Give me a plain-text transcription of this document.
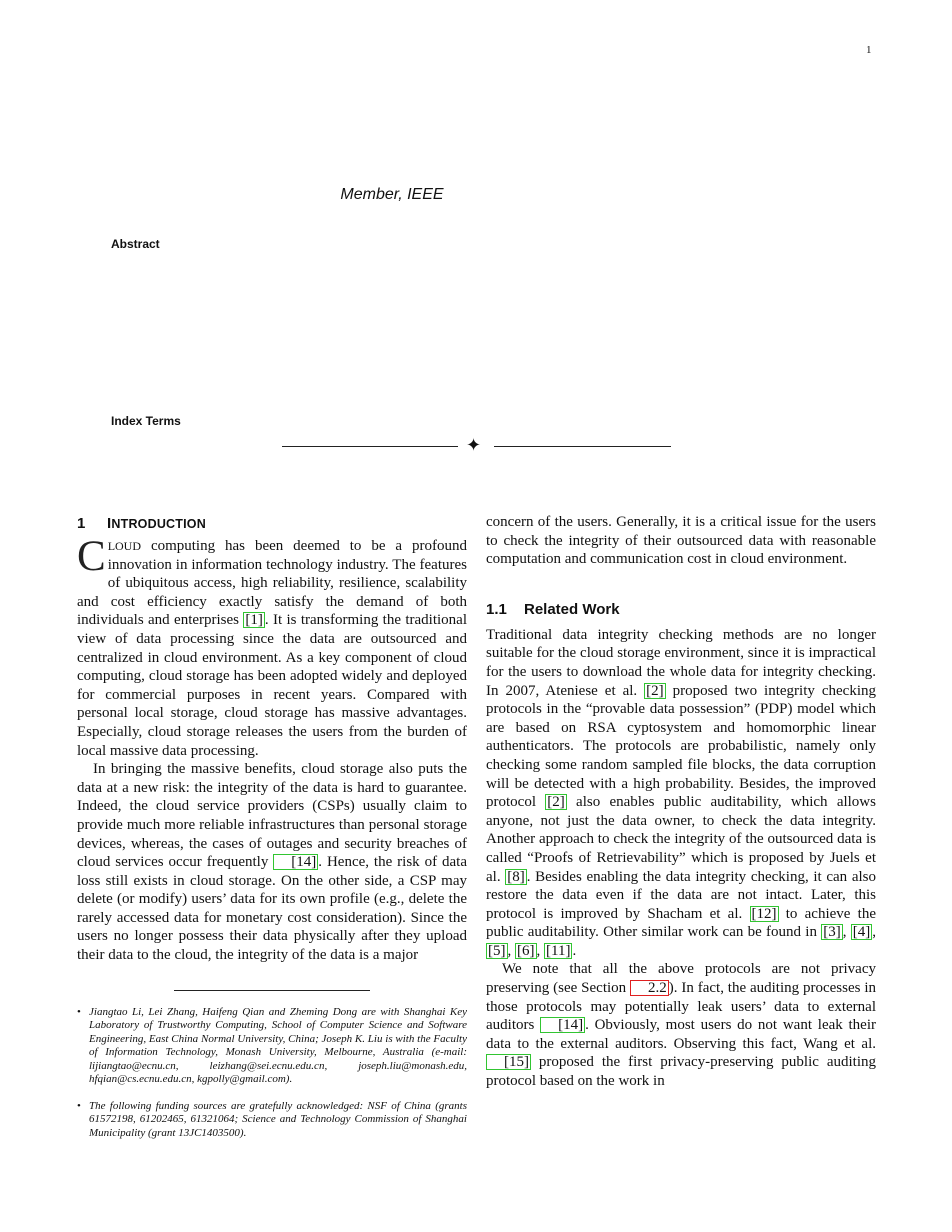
1
Member, IEEE
Abstract
Index Terms
✦
1 INTRODUCTION

CLOUD computing has been deemed to be a profound innovation in information technology industry. The features of ubiquitous access, high reliability, resilience, scalability and cost efficiency exactly satisfy the demand of both individuals and enterprises [1] . It is transforming the traditional view of data processing since the data are outsourced and centralized in cloud environment. As a key component of cloud computing, cloud storage has been adopted widely and deployed for commercial purposes in recent years. Compared with personal local storage, cloud storage has massive advantages. Especially, cloud storage releases the users from the burden of local massive data processing.

In bringing the massive benefits, cloud storage also puts the data at a new risk: the integrity of the data is hard to guarantee. Indeed, the cloud service providers (CSPs) usually claim to provide much more reliable infrastructures than personal storage devices, whereas, the cases of outages and security breaches of cloud services occur frequently [14] . Hence, the risk of data loss still exists in cloud storage. On the other side, a CSP may delete (or modify) users’ data for its own profile (e.g., delete the rarely accessed data for monetary cost consideration). Since the users no longer possess their data physically after they upload their data to the cloud, the integrity of the data is a major

• Jiangtao Li, Lei Zhang, Haifeng Qian and Zheming Dong are with Shanghai Key Laboratory of Trustworthy Computing, School of Computer Science and Software Engineering, East China Normal University, China; Joseph K. Liu is with the Faculty of Information Technology, Monash University, Melbourne, Australia (e-mail: lijiangtao@ecnu.cn, leizhang@sei.ecnu.edu.cn, joseph.liu@monash.edu, hfqian@cs.ecnu.edu.cn, kgpolly@gmail.com).
• The following funding sources are gratefully acknowledged: NSF of China (grants 61572198, 61202465, 61321064; Science and Technology Commission of Shanghai Municipality (grant 13JC1403500).

concern of the users. Generally, it is a critical issue for the users to check the integrity of their outsourced data with reasonable computation and communication cost in cloud environment.

1.1 Related Work

Traditional data integrity checking methods are no longer suitable for the cloud storage environment, since it is impractical for the users to download the whole data for integrity checking. In 2007, Ateniese et al. [2] proposed two integrity checking protocols in the “provable data possession” (PDP) model which are based on RSA cyptosystem and homomorphic linear authenticators. The protocols are probabilistic, namely only checking some random sampled file blocks, the data corruption will be detected with a high probability. Besides, the improved protocol [2] also enables public auditability, which allows anyone, not just the data owner, to check the data integrity. Another approach to check the integrity of the outsourced data is called “Proofs of Retrievability” which is proposed by Juels et al. [8] . Besides enabling the data integrity checking, it can also restore the data even if the data are not intact. Later, this protocol is improved by Shacham et al. [12] to achieve the public auditability. Other similar work can be found in [3] , [4] , [5] , [6] , [11] .

We note that all the above protocols are not privacy preserving (see Section 2.2 ). In fact, the auditing processes in those protocols may potentially leak users’ data to external auditors [14] . Obviously, most users do not want leak their data to the external auditors. Observing this fact, Wang et al. [15] proposed the first privacy-preserving public auditing protocol based on the work in
